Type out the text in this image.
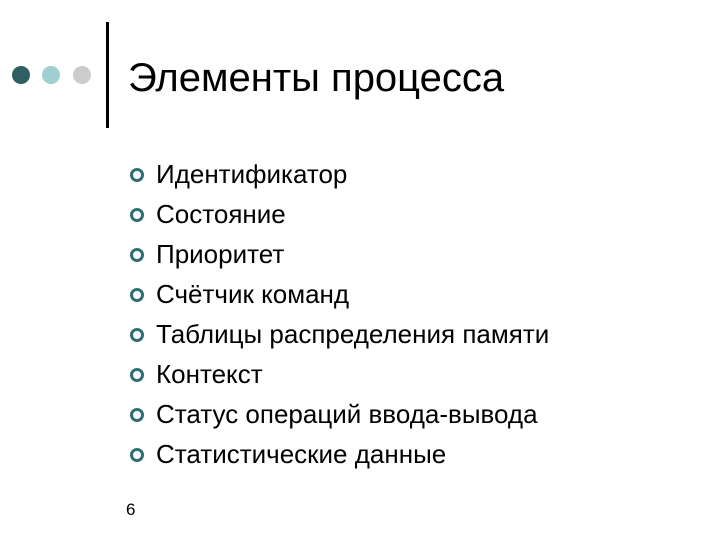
Элементы процесса
Идентификатор
Состояние
Приоритет
Счётчик команд
Таблицы распределения памяти
Контекст
Статус операций ввода-вывода
Статистические данные
6
